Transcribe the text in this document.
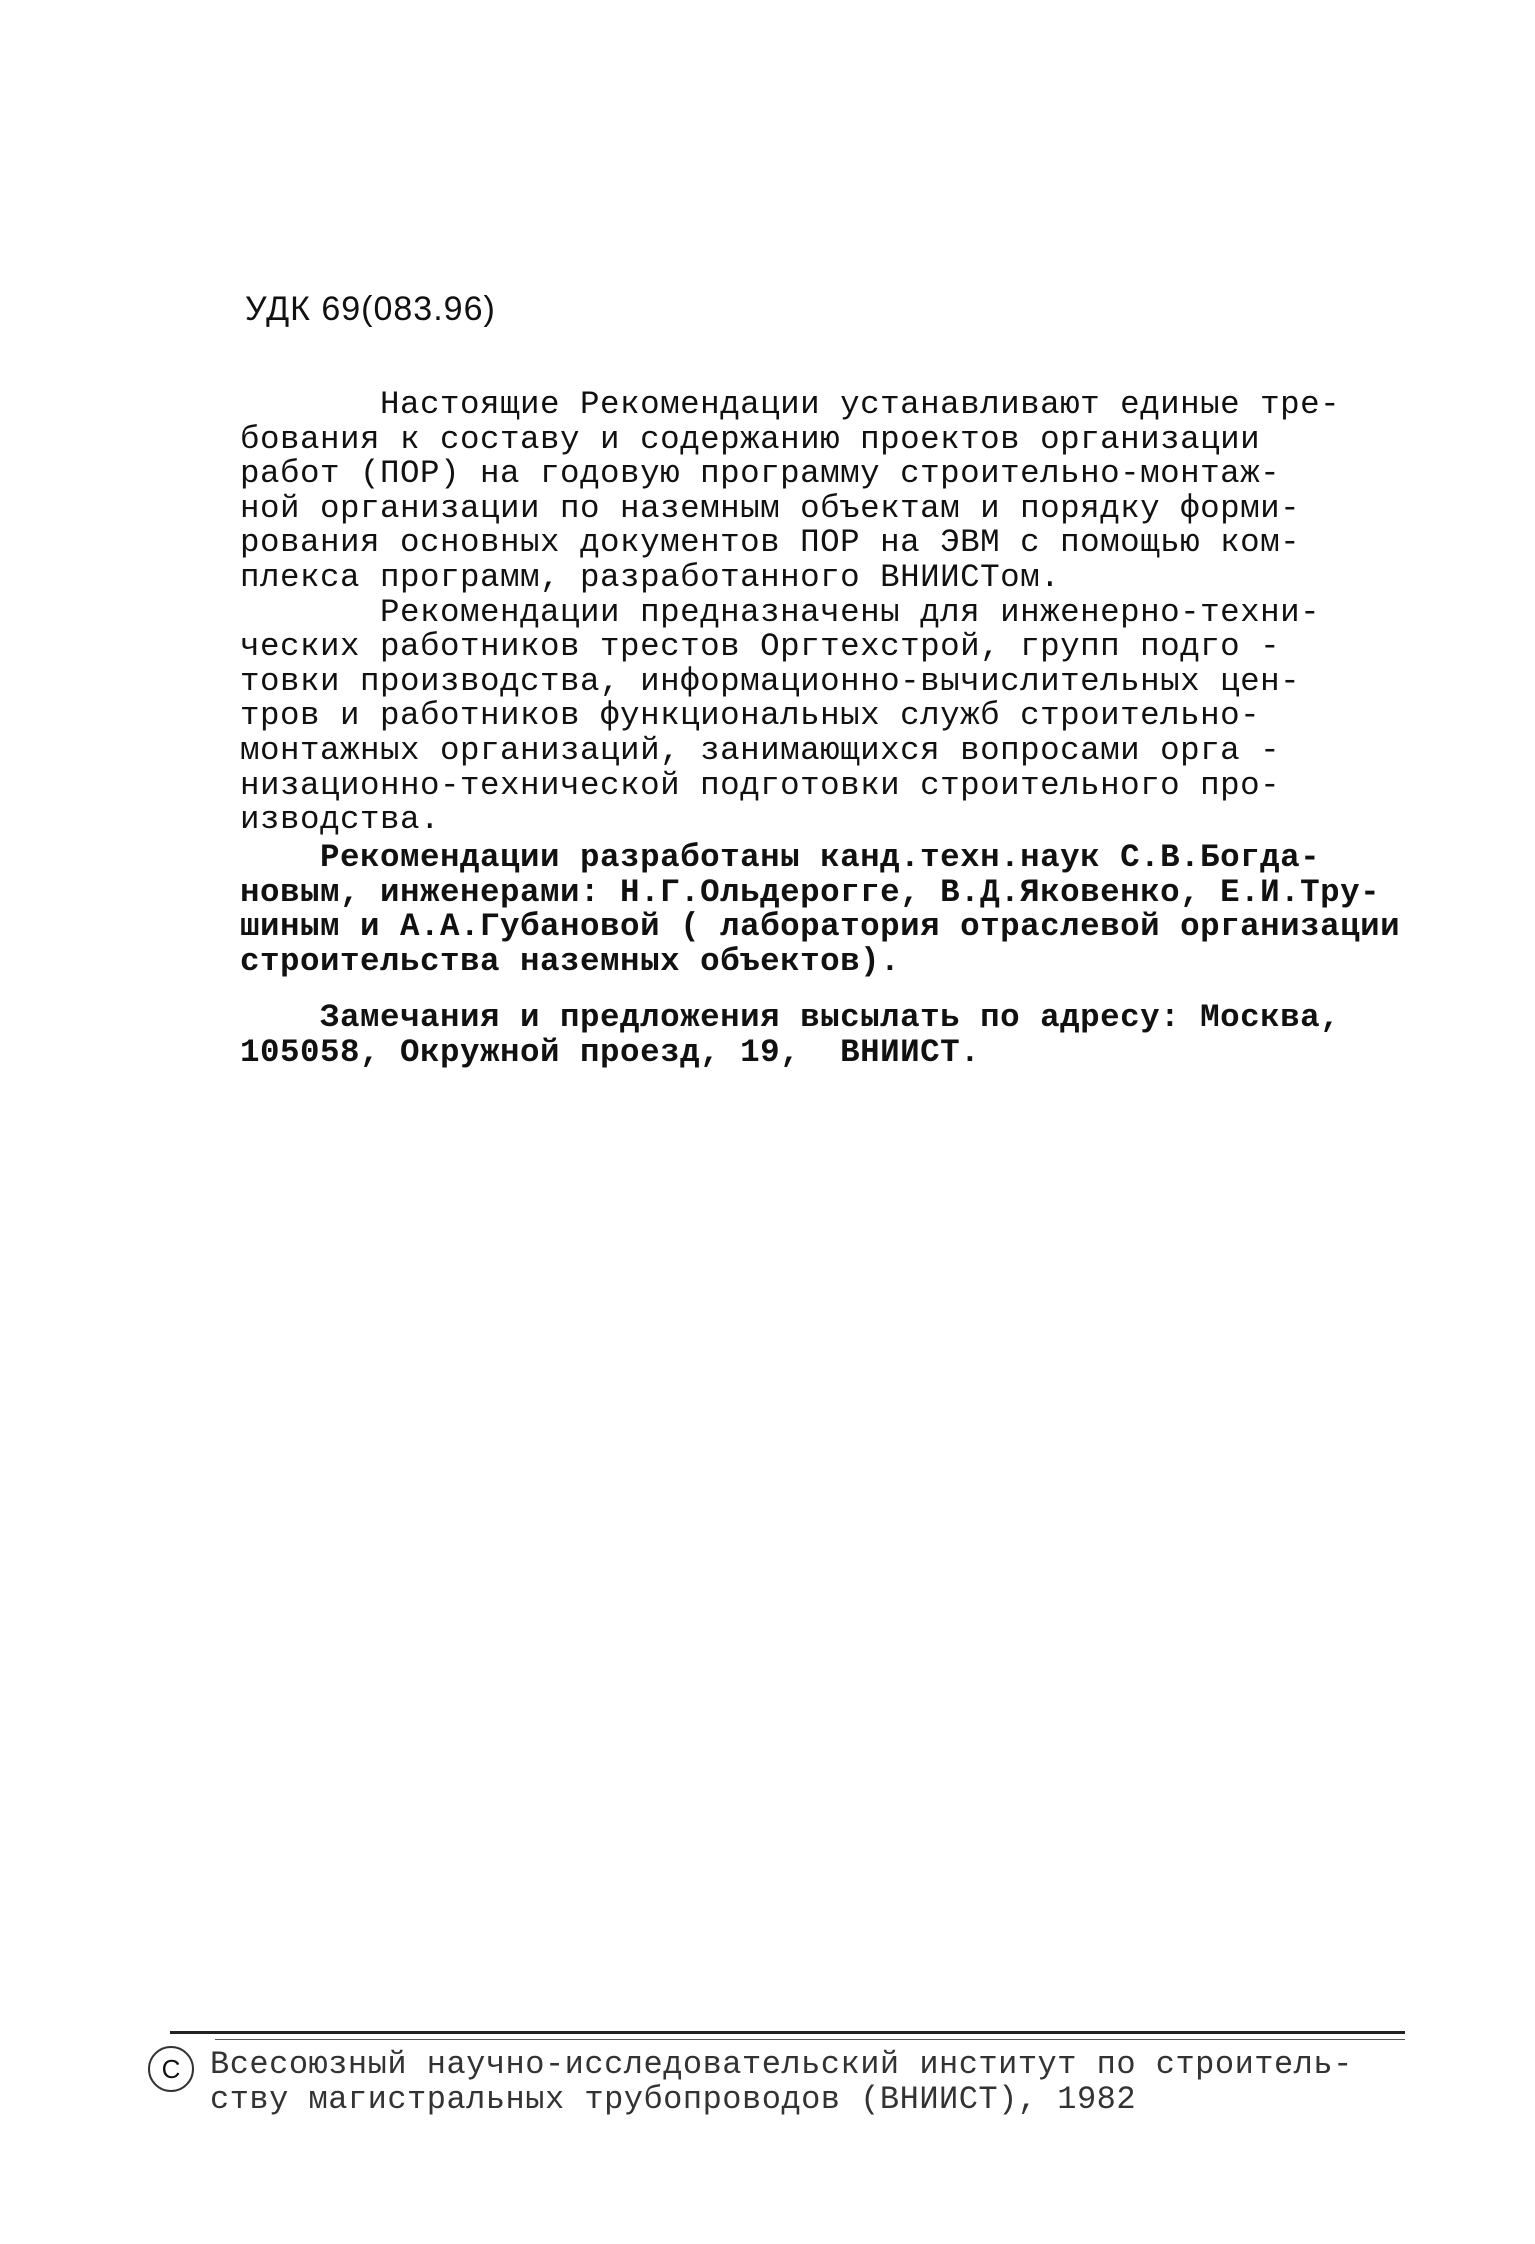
УДК 69(083.96)
Настоящие Рекомендации устанавливают единые тре-
бования к составу и содержанию проектов организации
работ (ПОР) на годовую программу строительно-монтаж-
ной организации по наземным объектам и порядку форми-
рования основных документов ПОР на ЭВМ с помощью ком-
плекса программ, разработанного ВНИИСТом.
Рекомендации предназначены для инженерно-техни-
ческих работников трестов Оргтехстрой, групп подго -
товки производства, информационно-вычислительных цен-
тров и работников функциональных служб строительно-
монтажных организаций, занимающихся вопросами орга -
низационно-технической подготовки строительного про-
изводства.
Рекомендации разработаны канд.техн.наук С.В.Богда-
новым, инженерами: Н.Г.Ольдерогге, В.Д.Яковенко, Е.И.Тру-
шиным и А.А.Губановой ( лаборатория отраслевой организации
строительства наземных объектов).
Замечания и предложения высылать по адресу: Москва,
105058, Окружной проезд, 19,  ВНИИСТ.
С Всесоюзный научно-исследовательский институт по строитель-
ству магистральных трубопроводов (ВНИИСТ), 1982
